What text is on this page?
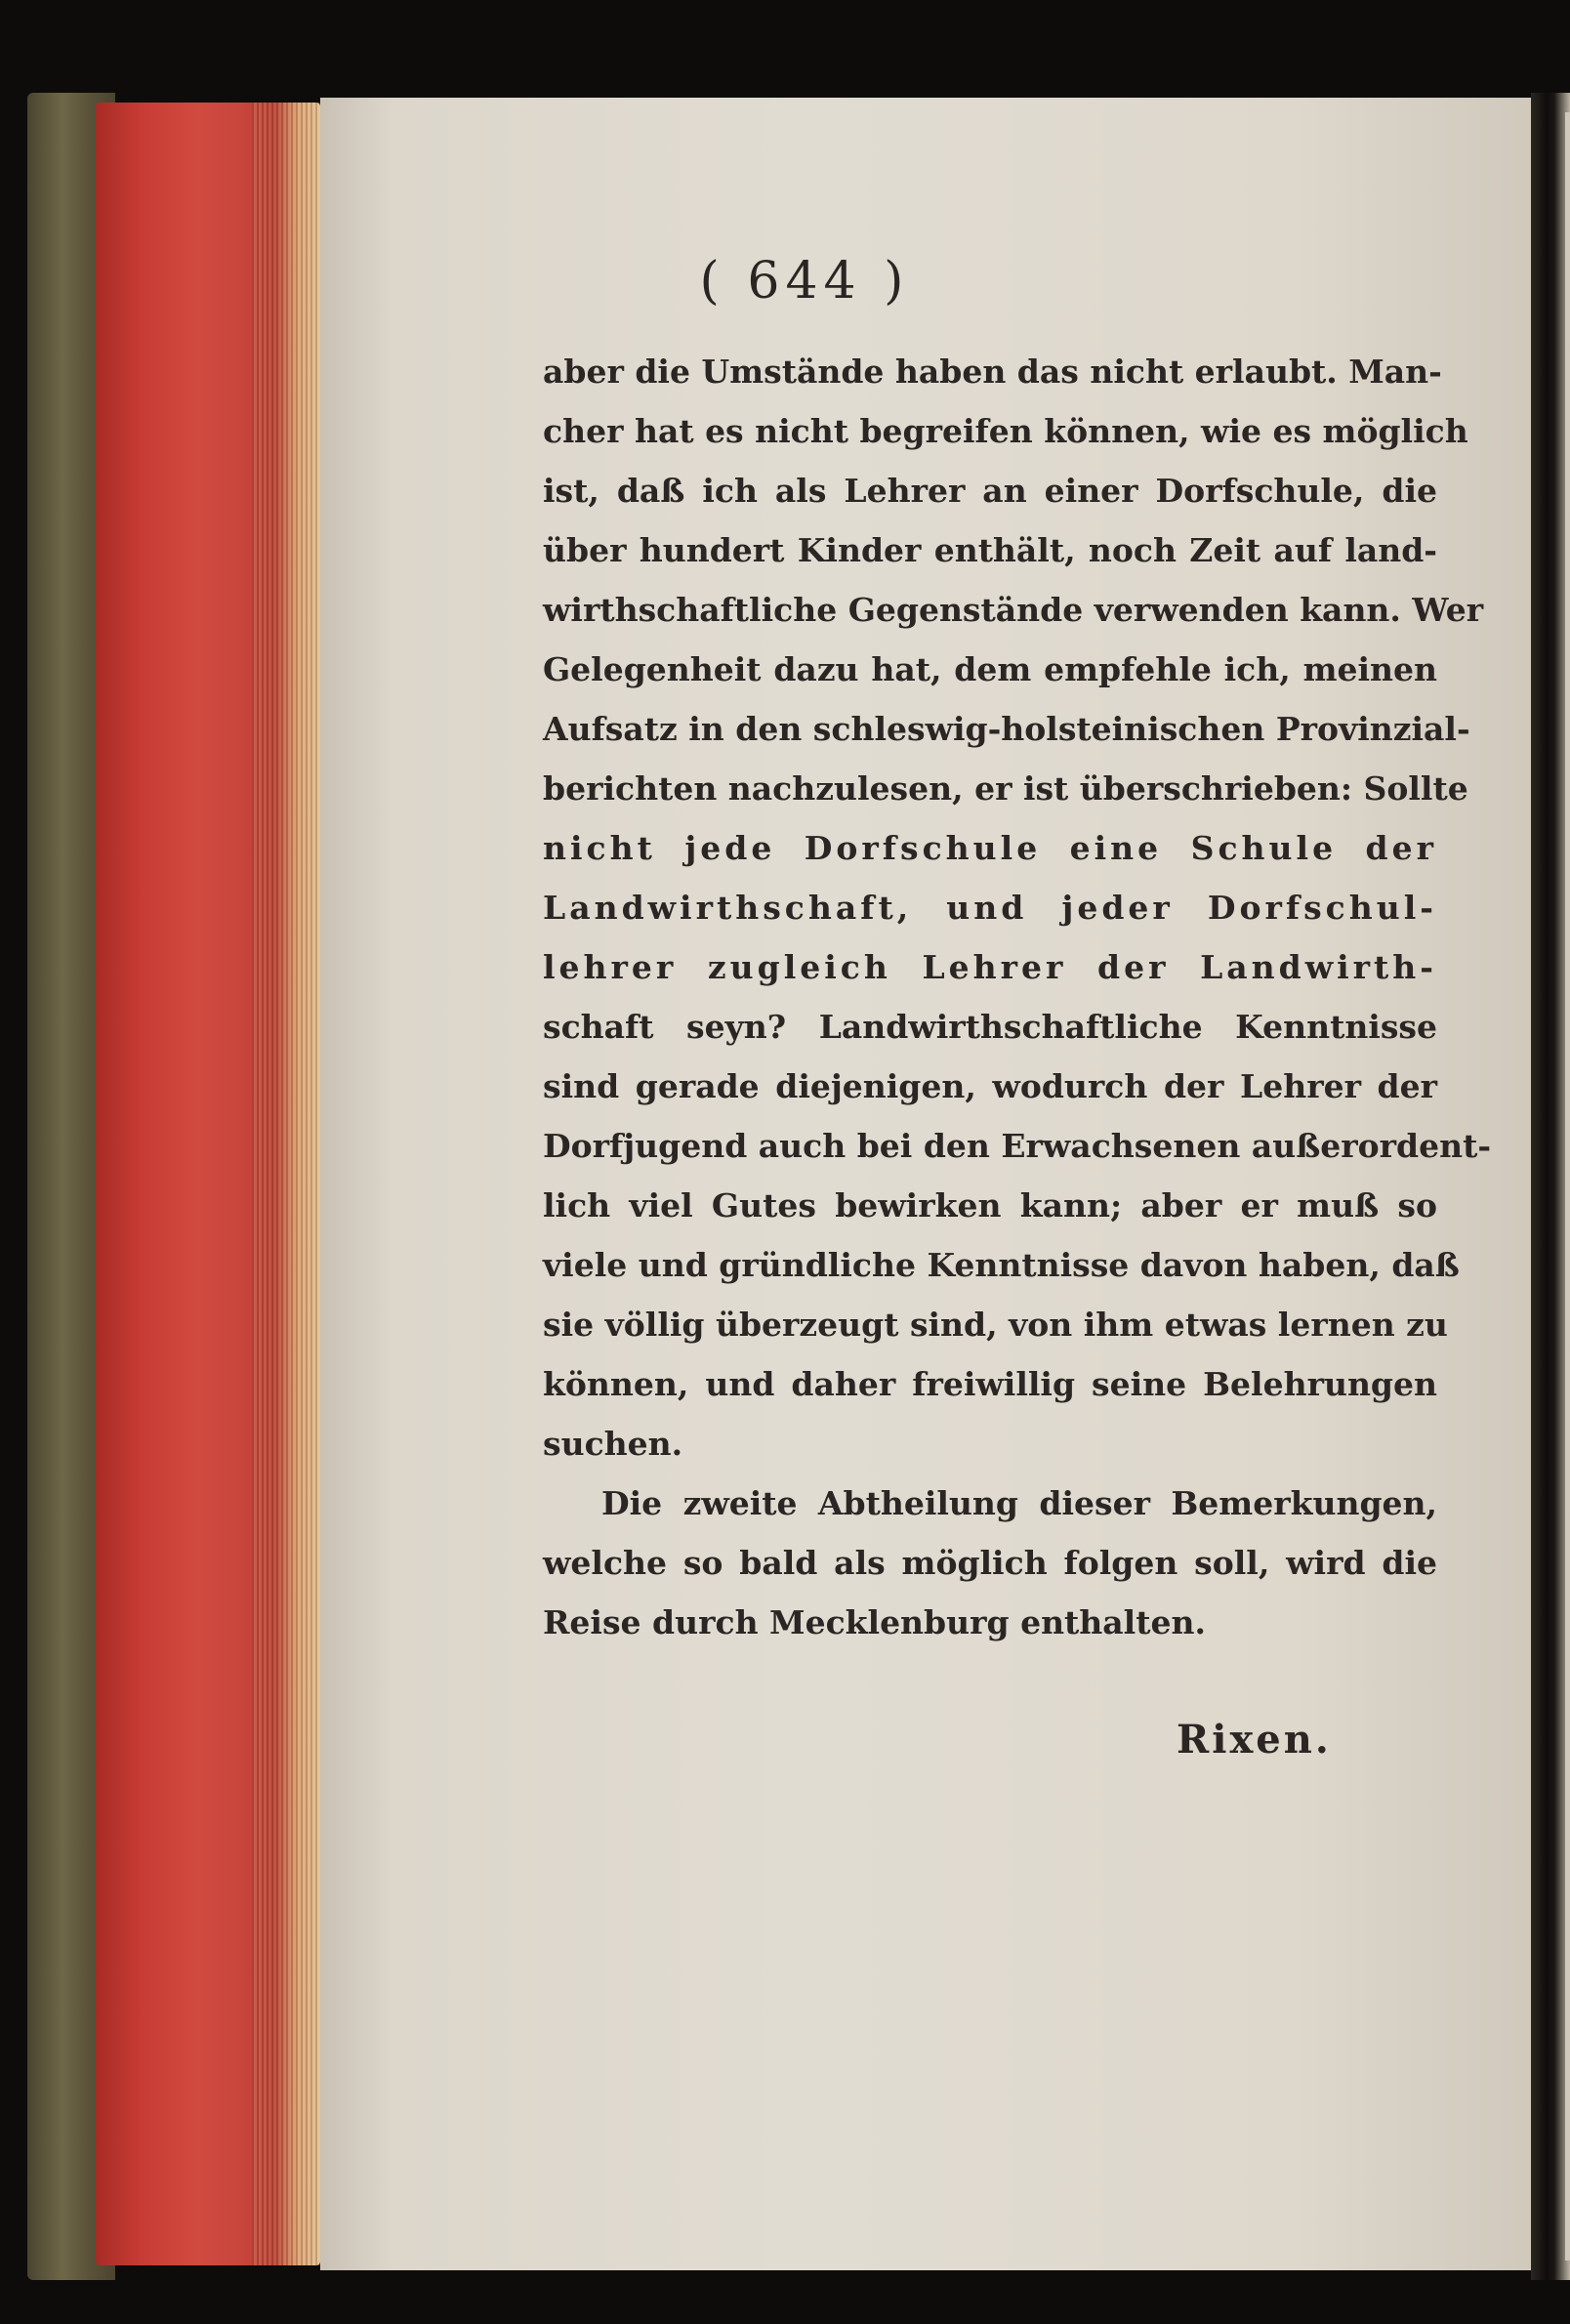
( 644 )
aber die Umstände haben das nicht erlaubt. Man-
cher hat es nicht begreifen können, wie es möglich
ist, daß ich als Lehrer an einer Dorfschule, die
über hundert Kinder enthält, noch Zeit auf land-
wirthschaftliche Gegenstände verwenden kann. Wer
Gelegenheit dazu hat, dem empfehle ich, meinen
Aufsatz in den schleswig-holsteinischen Provinzial-
berichten nachzulesen, er ist überschrieben: Sollte
nicht jede Dorfschule eine Schule der
Landwirthschaft, und jeder Dorfschul-
lehrer zugleich Lehrer der Landwirth-
schaft seyn? Landwirthschaftliche Kenntnisse
sind gerade diejenigen, wodurch der Lehrer der
Dorfjugend auch bei den Erwachsenen außerordent-
lich viel Gutes bewirken kann; aber er muß so
viele und gründliche Kenntnisse davon haben, daß
sie völlig überzeugt sind, von ihm etwas lernen zu
können, und daher freiwillig seine Belehrungen
suchen.
Die zweite Abtheilung dieser Bemerkungen,
welche so bald als möglich folgen soll, wird die
Reise durch Mecklenburg enthalten.
Rixen.
